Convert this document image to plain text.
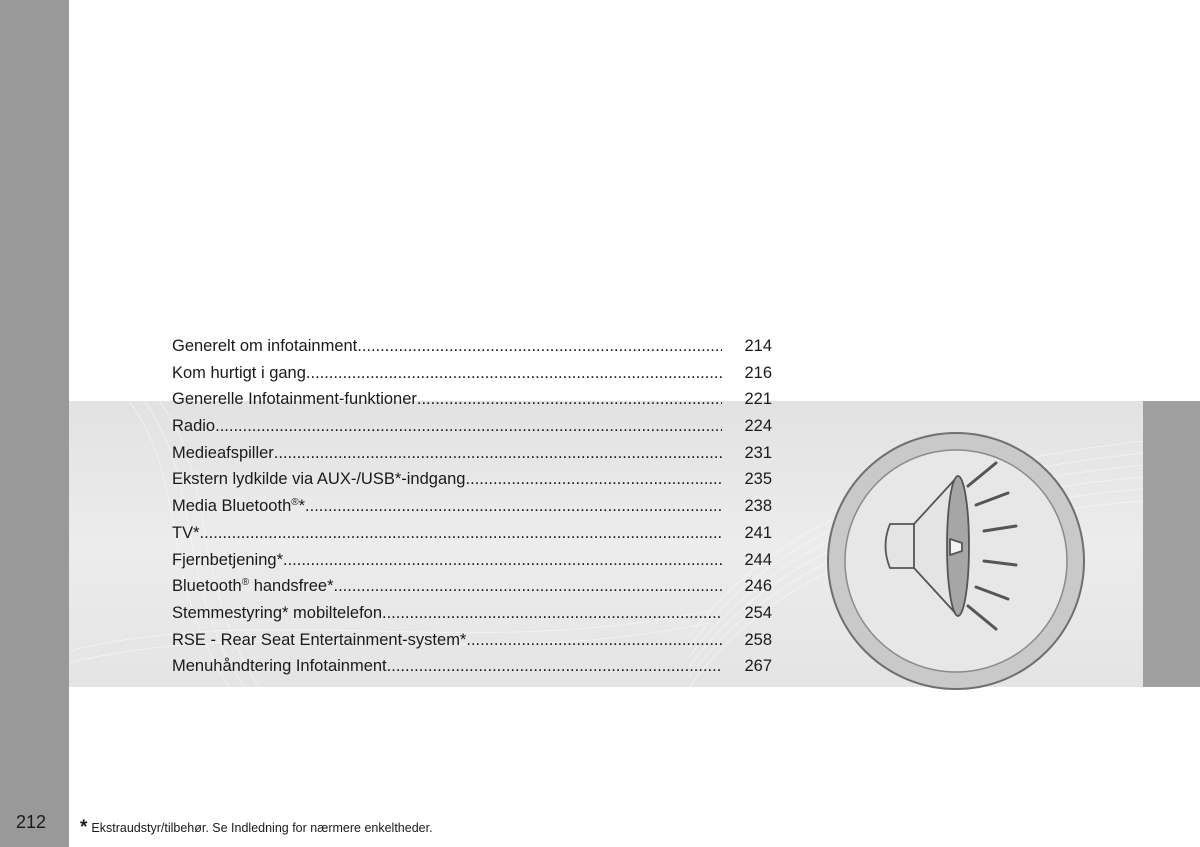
Generelt om infotainment .....	214
Kom hurtigt i gang .....	216
Generelle Infotainment-funktioner .....	221
Radio .....	224
Medieafspiller .....	231
Ekstern lydkilde via AUX-/USB*-indgang .....	235
Media Bluetooth®* .....	238
TV* .....	241
Fjernbetjening* .....	244
Bluetooth® handsfree* .....	246
Stemmestyring* mobiltelefon .....	254
RSE - Rear Seat Entertainment-system* .....	258
Menuhåndtering Infotainment .....	267
212 * Ekstraudstyr/tilbehør. Se Indledning for nærmere enkeltheder.
